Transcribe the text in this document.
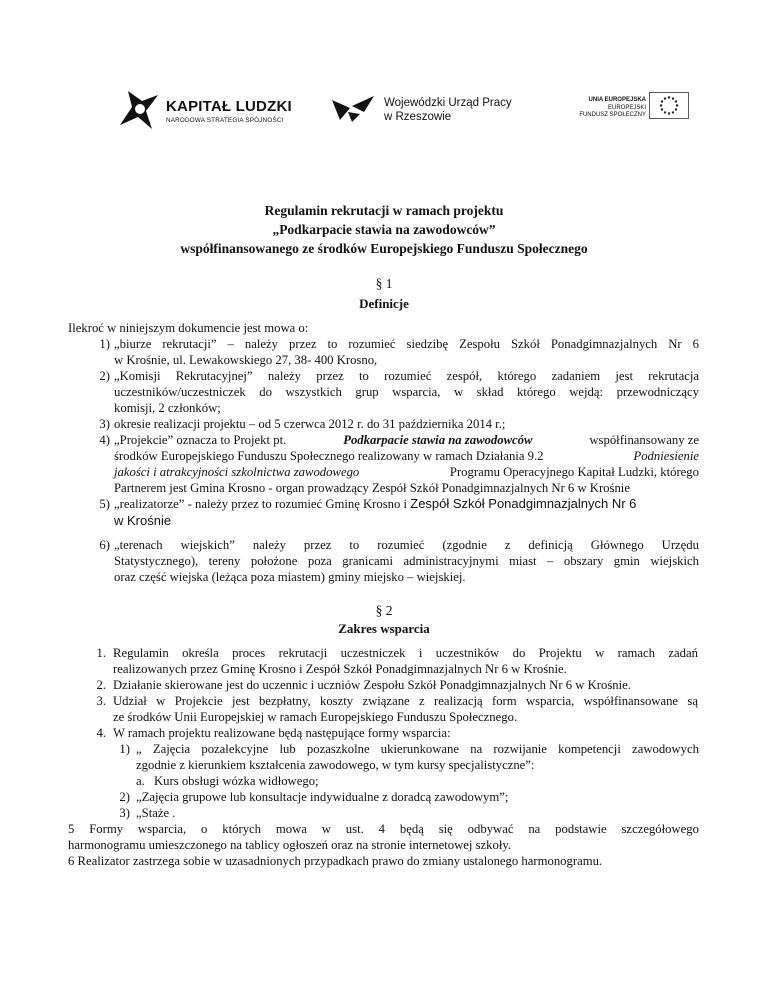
KAPITAŁ LUDZKI
NARODOWA STRATEGIA SPÓJNOŚCI
Wojewódzki Urząd Pracy
w Rzeszowie
UNIA EUROPEJSKA
EUROPEJSKI
FUNDUSZ SPOŁECZNY
Regulamin rekrutacji w ramach projektu
„Podkarpacie stawia na zawodowców”
współfinansowanego ze środków Europejskiego Funduszu Społecznego
§ 1
Definicje
Ilekroć w niniejszym dokumencie jest mowa o:
1) „biurze rekrutacji” – należy przez to rozumieć siedzibę Zespołu Szkół Ponadgimnazjalnych Nr 6
w Krośnie, ul. Lewakowskiego 27, 38- 400 Krosno,
2) „Komisji Rekrutacyjnej” należy przez to rozumieć zespół, którego zadaniem jest rekrutacja
uczestników/uczestniczek do wszystkich grup wsparcia, w skład którego wejdą: przewodniczący
komisji, 2 członków;
3) okresie realizacji projektu – od 5 czerwca 2012 r. do 31 października 2014 r.;
4) „Projekcie” oznacza to Projekt pt.	Podkarpacie stawia na zawodowców	współfinansowany ze
środków Europejskiego Funduszu Społecznego realizowany w ramach Działania 9.2	Podniesienie
jakości i atrakcyjności szkolnictwa zawodowego	Programu Operacyjnego Kapitał Ludzki, którego
Partnerem jest Gmina Krosno - organ prowadzący Zespół Szkół Ponadgimnazjalnych Nr 6 w Krośnie
5) „realizatorze” - należy przez to rozumieć Gminę Krosno i Zespół Szkół Ponadgimnazjalnych Nr 6
w Krośnie
6) „terenach wiejskich” należy przez to rozumieć (zgodnie z definicją Głównego Urzędu
Statystycznego), tereny położone poza granicami administracyjnymi miast – obszary gmin wiejskich
oraz część wiejska (leżąca poza miastem) gminy miejsko – wiejskiej.
§ 2
Zakres wsparcia
1. Regulamin określa proces rekrutacji uczestniczek i uczestników do Projektu w ramach zadań
realizowanych przez Gminę Krosno i Zespół Szkół Ponadgimnazjalnych Nr 6 w Krośnie.
2. Działanie skierowane jest do uczennic i uczniów Zespołu Szkół Ponadgimnazjalnych Nr 6 w Krośnie.
3. Udział w Projekcie jest bezpłatny, koszty związane z realizacją form wsparcia, współfinansowane są
ze środków Unii Europejskiej w ramach Europejskiego Funduszu Społecznego.
4. W ramach projektu realizowane będą następujące formy wsparcia:
1) „ Zajęcia pozalekcyjne lub pozaszkolne ukierunkowane na rozwijanie kompetencji zawodowych
zgodnie z kierunkiem kształcenia zawodowego, w tym kursy specjalistyczne”:
a. Kurs obsługi wózka widłowego;
2) „Zajęcia grupowe lub konsultacje indywidualne z doradcą zawodowym”;
3) „Staże .
5 Formy wsparcia, o których mowa w ust. 4 będą się odbywać na podstawie szczegółowego
harmonogramu umieszczonego na tablicy ogłoszeń oraz na stronie internetowej szkoły.
6 Realizator zastrzega sobie w uzasadnionych przypadkach prawo do zmiany ustalonego harmonogramu.
